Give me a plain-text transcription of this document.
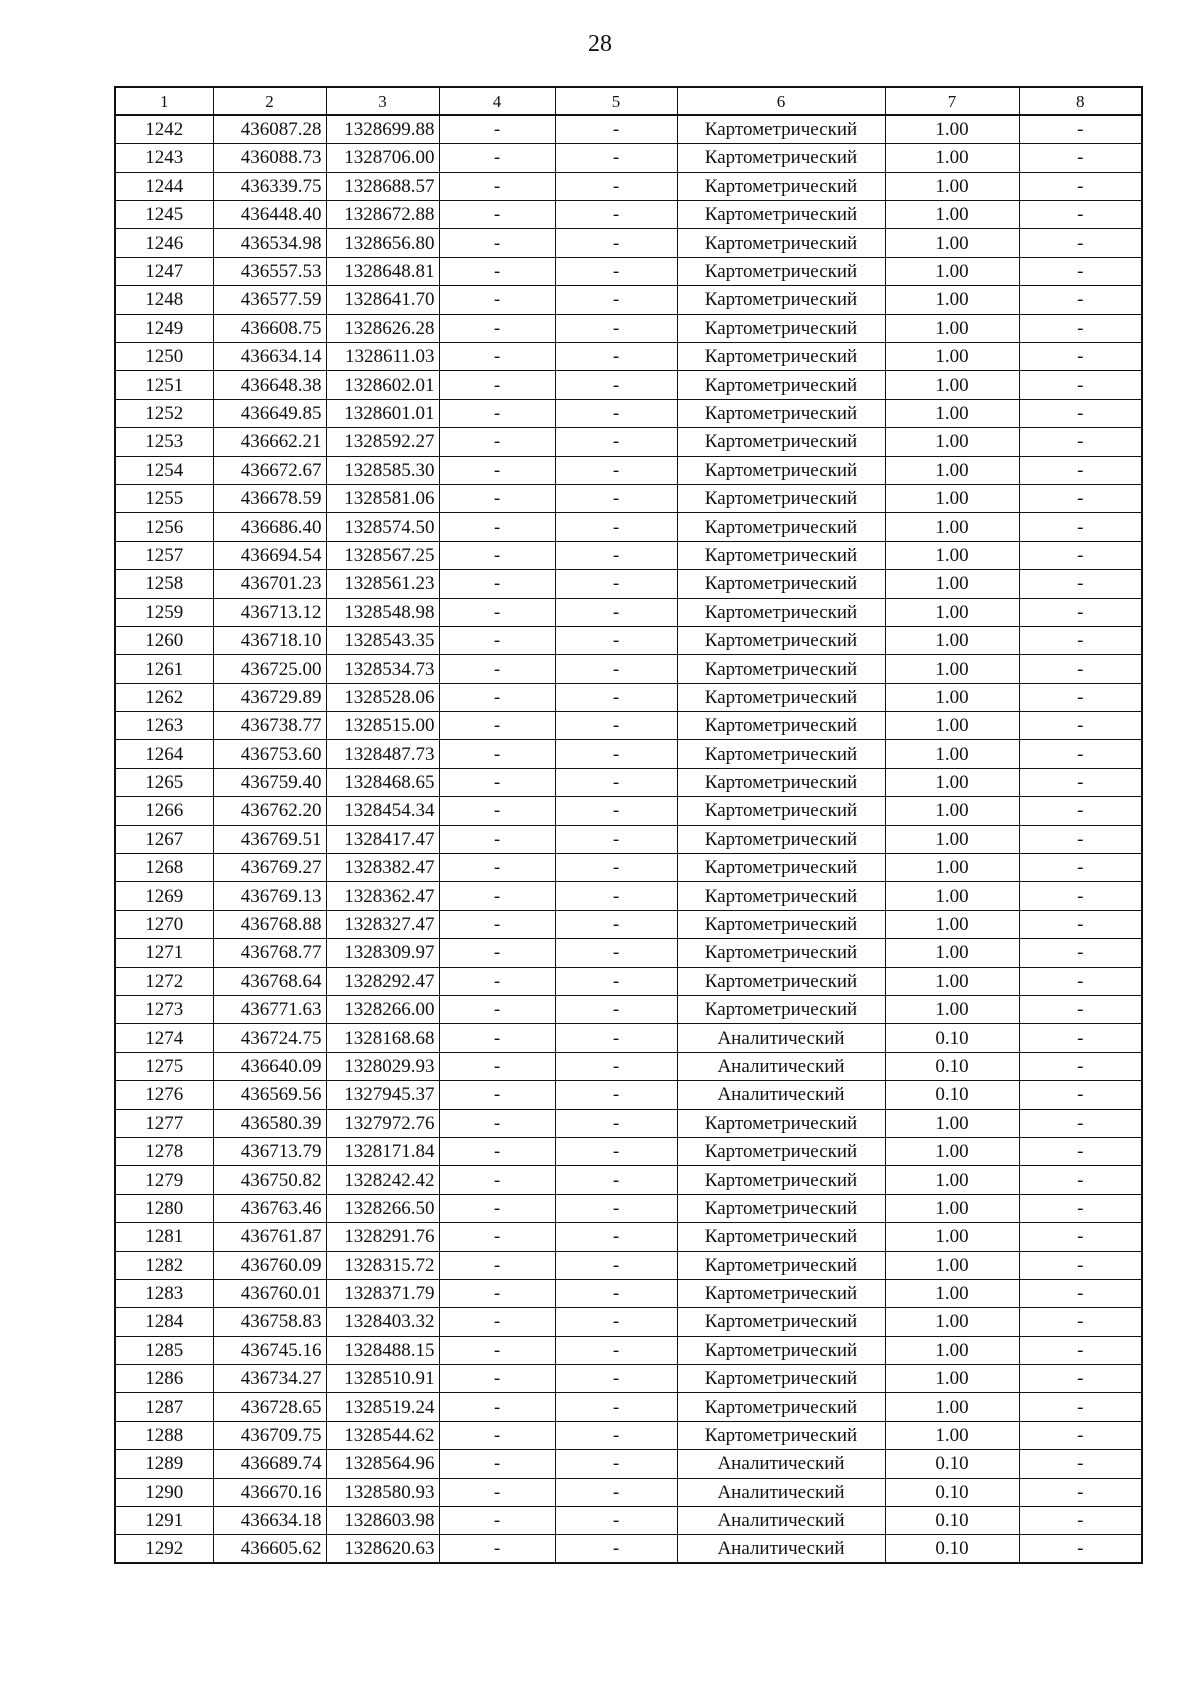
28
1	2	3	4	5	6	7	8
1242	436087.28	1328699.88	-	-	Картометрический	1.00	-
1243	436088.73	1328706.00	-	-	Картометрический	1.00	-
1244	436339.75	1328688.57	-	-	Картометрический	1.00	-
1245	436448.40	1328672.88	-	-	Картометрический	1.00	-
1246	436534.98	1328656.80	-	-	Картометрический	1.00	-
1247	436557.53	1328648.81	-	-	Картометрический	1.00	-
1248	436577.59	1328641.70	-	-	Картометрический	1.00	-
1249	436608.75	1328626.28	-	-	Картометрический	1.00	-
1250	436634.14	1328611.03	-	-	Картометрический	1.00	-
1251	436648.38	1328602.01	-	-	Картометрический	1.00	-
1252	436649.85	1328601.01	-	-	Картометрический	1.00	-
1253	436662.21	1328592.27	-	-	Картометрический	1.00	-
1254	436672.67	1328585.30	-	-	Картометрический	1.00	-
1255	436678.59	1328581.06	-	-	Картометрический	1.00	-
1256	436686.40	1328574.50	-	-	Картометрический	1.00	-
1257	436694.54	1328567.25	-	-	Картометрический	1.00	-
1258	436701.23	1328561.23	-	-	Картометрический	1.00	-
1259	436713.12	1328548.98	-	-	Картометрический	1.00	-
1260	436718.10	1328543.35	-	-	Картометрический	1.00	-
1261	436725.00	1328534.73	-	-	Картометрический	1.00	-
1262	436729.89	1328528.06	-	-	Картометрический	1.00	-
1263	436738.77	1328515.00	-	-	Картометрический	1.00	-
1264	436753.60	1328487.73	-	-	Картометрический	1.00	-
1265	436759.40	1328468.65	-	-	Картометрический	1.00	-
1266	436762.20	1328454.34	-	-	Картометрический	1.00	-
1267	436769.51	1328417.47	-	-	Картометрический	1.00	-
1268	436769.27	1328382.47	-	-	Картометрический	1.00	-
1269	436769.13	1328362.47	-	-	Картометрический	1.00	-
1270	436768.88	1328327.47	-	-	Картометрический	1.00	-
1271	436768.77	1328309.97	-	-	Картометрический	1.00	-
1272	436768.64	1328292.47	-	-	Картометрический	1.00	-
1273	436771.63	1328266.00	-	-	Картометрический	1.00	-
1274	436724.75	1328168.68	-	-	Аналитический	0.10	-
1275	436640.09	1328029.93	-	-	Аналитический	0.10	-
1276	436569.56	1327945.37	-	-	Аналитический	0.10	-
1277	436580.39	1327972.76	-	-	Картометрический	1.00	-
1278	436713.79	1328171.84	-	-	Картометрический	1.00	-
1279	436750.82	1328242.42	-	-	Картометрический	1.00	-
1280	436763.46	1328266.50	-	-	Картометрический	1.00	-
1281	436761.87	1328291.76	-	-	Картометрический	1.00	-
1282	436760.09	1328315.72	-	-	Картометрический	1.00	-
1283	436760.01	1328371.79	-	-	Картометрический	1.00	-
1284	436758.83	1328403.32	-	-	Картометрический	1.00	-
1285	436745.16	1328488.15	-	-	Картометрический	1.00	-
1286	436734.27	1328510.91	-	-	Картометрический	1.00	-
1287	436728.65	1328519.24	-	-	Картометрический	1.00	-
1288	436709.75	1328544.62	-	-	Картометрический	1.00	-
1289	436689.74	1328564.96	-	-	Аналитический	0.10	-
1290	436670.16	1328580.93	-	-	Аналитический	0.10	-
1291	436634.18	1328603.98	-	-	Аналитический	0.10	-
1292	436605.62	1328620.63	-	-	Аналитический	0.10	-
